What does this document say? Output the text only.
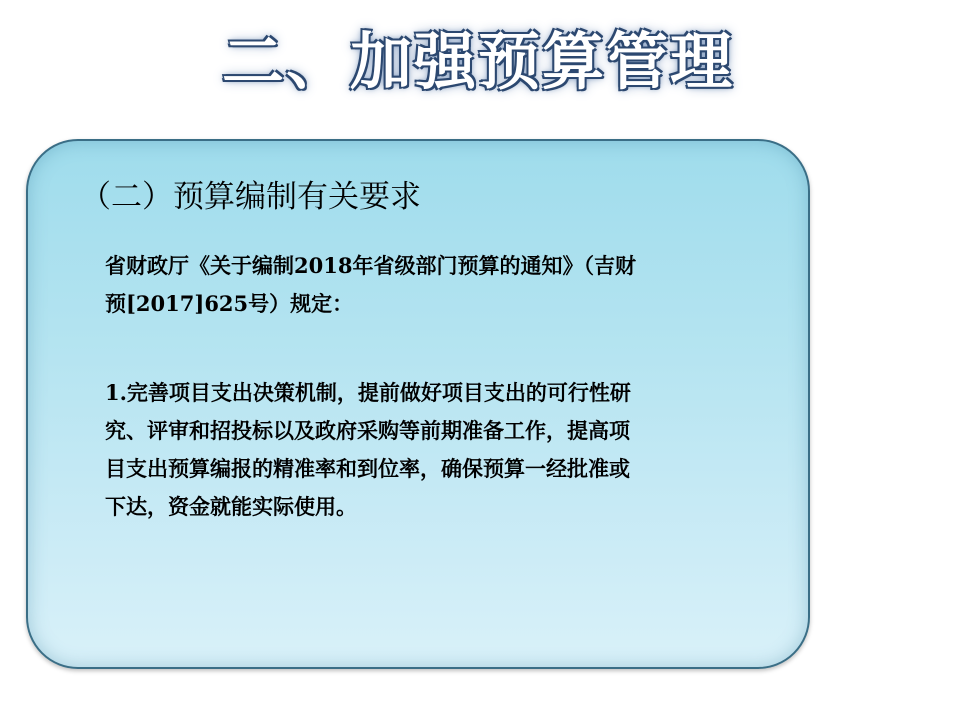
二、加强预算管理
（二）预算编制有关要求
省财政厅《关于编制2018年省级部门预算的通知》（吉财
预[2017]625号）规定：
1.完善项目支出决策机制，提前做好项目支出的可行性研
究、评审和招投标以及政府采购等前期准备工作，提高项
目支出预算编报的精准率和到位率，确保预算一经批准或
下达，资金就能实际使用。
